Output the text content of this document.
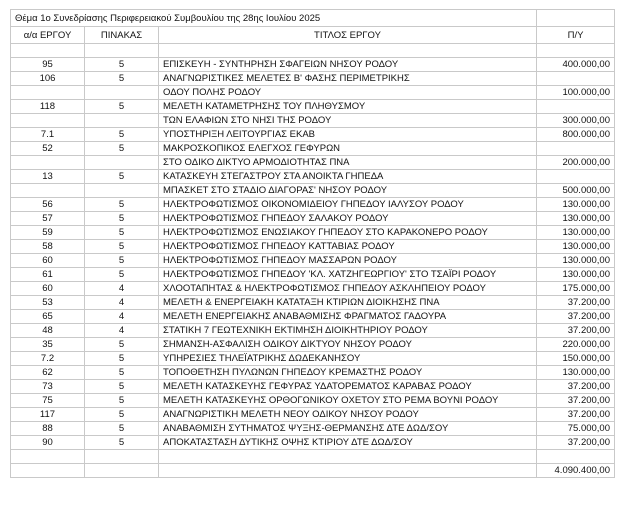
Θέμα 1ο Συνεδρίασης Περιφερειακού Συμβουλίου της 28ης Ιουλίου 2025			
α/α ΕΡΓΟΥ	ΠΙΝΑΚΑΣ	ΤΙΤΛΟΣ ΕΡΓΟΥ	Π/Υ

95	5	ΕΠΙΣΚΕΥΗ - ΣΥΝΤΗΡΗΣΗ ΣΦΑΓΕΙΩΝ ΝΗΣΟΥ ΡΟΔΟΥ	400.000,00
106	5	ΑΝΑΓΝΩΡΙΣΤΙΚΕΣ ΜΕΛΕΤΕΣ Β' ΦΑΣΗΣ ΠΕΡΙΜΕΤΡΙΚΗΣ	
		ΟΔΟΥ ΠΟΛΗΣ ΡΟΔΟΥ	100.000,00
118	5	ΜΕΛΕΤΗ ΚΑΤΑΜΕΤΡΗΣΗΣ ΤΟΥ ΠΛΗΘΥΣΜΟΥ	
		ΤΩΝ ΕΛΑΦΙΩΝ ΣΤΟ ΝΗΣΙ ΤΗΣ ΡΟΔΟΥ	300.000,00
7.1	5	ΥΠΟΣΤΗΡΙΞΗ ΛΕΙΤΟΥΡΓΙΑΣ ΕΚΑΒ	800.000,00
52	5	ΜΑΚΡΟΣΚΟΠΙΚΟΣ ΕΛΕΓΧΟΣ ΓΕΦΥΡΩΝ	
		ΣΤΟ ΟΔΙΚΟ ΔΙΚΤΥΟ ΑΡΜΟΔΙΟΤΗΤΑΣ ΠΝΑ	200.000,00
13	5	ΚΑΤΑΣΚΕΥΗ ΣΤΕΓΑΣΤΡΟΥ ΣΤΑ ΑΝΟΙΚΤΑ ΓΗΠΕΔΑ	
		ΜΠΑΣΚΕΤ ΣΤΟ ΣΤΑΔΙΟ ΔΙΑΓΟΡΑΣ' ΝΗΣΟΥ ΡΟΔΟΥ	500.000,00
56	5	ΗΛΕΚΤΡΟΦΩΤΙΣΜΟΣ ΟΙΚΟΝΟΜΙΔΕΙΟΥ ΓΗΠΕΔΟΥ ΙΑΛΥΣΟΥ ΡΟΔΟΥ	130.000,00
57	5	ΗΛΕΚΤΡΟΦΩΤΙΣΜΟΣ ΓΗΠΕΔΟΥ ΣΑΛΑΚΟΥ ΡΟΔΟΥ	130.000,00
59	5	ΗΛΕΚΤΡΟΦΩΤΙΣΜΟΣ ΕΝΩΣΙΑΚΟΥ ΓΗΠΕΔΟΥ ΣΤΟ ΚΑΡΑΚΟΝΕΡΟ ΡΟΔΟΥ	130.000,00
58	5	ΗΛΕΚΤΡΟΦΩΤΙΣΜΟΣ ΓΗΠΕΔΟΥ ΚΑΤΤΑΒΙΑΣ ΡΟΔΟΥ	130.000,00
60	5	ΗΛΕΚΤΡΟΦΩΤΙΣΜΟΣ ΓΗΠΕΔΟΥ ΜΑΣΣΑΡΩΝ ΡΟΔΟΥ	130.000,00
61	5	ΗΛΕΚΤΡΟΦΩΤΙΣΜΟΣ ΓΗΠΕΔΟΥ 'ΚΛ. ΧΑΤΖΗΓΕΩΡΓΙΟΥ' ΣΤΟ ΤΣΑΪΡΙ ΡΟΔΟΥ	130.000,00
60	4	ΧΛΟΟΤΑΠΗΤΑΣ & ΗΛΕΚΤΡΟΦΩΤΙΣΜΟΣ ΓΗΠΕΔΟΥ ΑΣΚΛΗΠΕΙΟΥ ΡΟΔΟΥ	175.000,00
53	4	ΜΕΛΕΤΗ & ΕΝΕΡΓΕΙΑΚΗ ΚΑΤΑΤΑΞΗ ΚΤΙΡΙΩΝ ΔΙΟΙΚΗΣΗΣ ΠΝΑ	37.200,00
65	4	ΜΕΛΕΤΗ ΕΝΕΡΓΕΙΑΚΗΣ ΑΝΑΒΑΘΜΙΣΗΣ ΦΡΑΓΜΑΤΟΣ ΓΑΔΟΥΡΑ	37.200,00
48	4	ΣΤΑΤΙΚΗ 7 ΓΕΩΤΕΧΝΙΚΗ ΕΚΤΙΜΗΣΗ ΔΙΟΙΚΗΤΗΡΙΟΥ ΡΟΔΟΥ	37.200,00
35	5	ΣΗΜΑΝΣΗ-ΑΣΦΑΛΙΣΗ ΟΔΙΚΟΥ ΔΙΚΤΥΟΥ ΝΗΣΟΥ ΡΟΔΟΥ	220.000,00
7.2	5	ΥΠΗΡΕΣΙΕΣ ΤΗΛΕΪΑΤΡΙΚΗΣ ΔΩΔΕΚΑΝΗΣΟΥ	150.000,00
62	5	ΤΟΠΟΘΕΤΗΣΗ ΠΥΛΩΝΩΝ ΓΗΠΕΔΟΥ ΚΡΕΜΑΣΤΗΣ ΡΟΔΟΥ	130.000,00
73	5	ΜΕΛΕΤΗ ΚΑΤΑΣΚΕΥΗΣ ΓΕΦΥΡΑΣ ΥΔΑΤΟΡΕΜΑΤΟΣ ΚΑΡΑΒΑΣ ΡΟΔΟΥ	37.200,00
75	5	ΜΕΛΕΤΗ ΚΑΤΑΣΚΕΥΗΣ ΟΡΘΟΓΩΝΙΚΟΥ ΟΧΕΤΟΥ ΣΤΟ ΡΕΜΑ ΒΟΥΝΙ ΡΟΔΟΥ	37.200,00
117	5	ΑΝΑΓΝΩΡΙΣΤΙΚΗ ΜΕΛΕΤΗ ΝΕΟΥ ΟΔΙΚΟΥ ΝΗΣΟΥ ΡΟΔΟΥ	37.200,00
88	5	ΑΝΑΒΑΘΜΙΣΗ ΣΥΤΗΜΑΤΟΣ ΨΥΞΗΣ-ΘΕΡΜΑΝΣΗΣ ΔΤΕ ΔΩΔ/ΣΟΥ	75.000,00
90	5	ΑΠΟΚΑΤΑΣΤΑΣΗ ΔΥΤΙΚΗΣ ΟΨΗΣ ΚΤΙΡΙΟΥ ΔΤΕ ΔΩΔ/ΣΟΥ	37.200,00

			4.090.400,00
